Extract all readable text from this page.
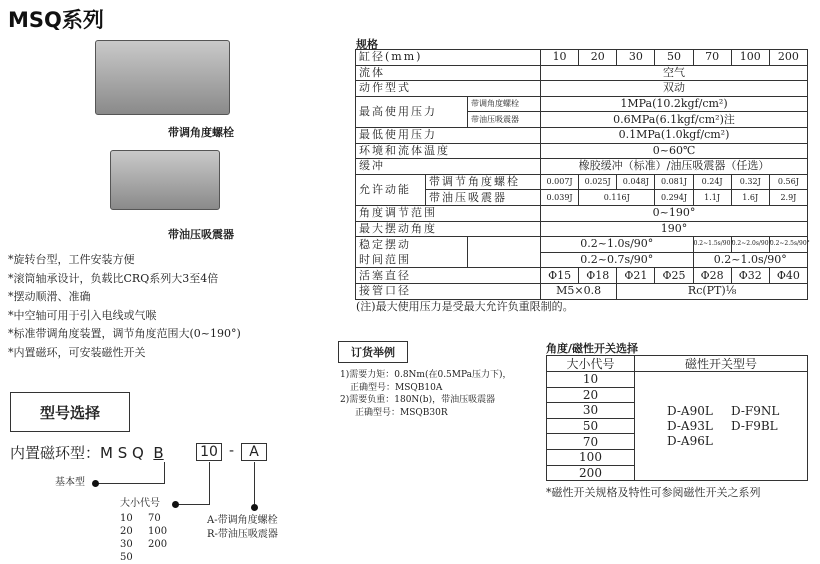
MSQ系列
带调角度螺栓
带油压吸震器
*旋转台型，工件安装方便
*滚筒轴承设计，负载比CRQ系列大3至4倍
*摆动顺滑、准确
*中空轴可用于引入电线或气喉
*标准带调角度装置，调节角度范围大(0~190°)
*内置磁环，可安装磁性开关
型号选择
内置磁环型：M S Q B	10 -	A
基本型
大小代号
10	70
20	100
30	200
50
A-带调角度螺栓
R-带油压吸震器
规格
缸径(mm)			10	20	30	50	70	100	200
流体			空气						
动作型式			双动						
最高使用压力		带调角度螺栓	1MPa(10.2kgf/cm²)						
		带油压吸震器	0.6MPa(6.1kgf/cm²)注						
最低使用压力			0.1MPa(1.0kgf/cm²)						
环境和流体温度			0~60℃						
缓冲			橡胶缓冲（标准）/油压吸震器（任选）						
允许动能	带调节角度螺栓		0.007J	0.025J	0.048J	0.081J	0.24J	0.32J	0.56J
	带油压吸震器		0.039J	0.116J		0.294J	1.1J	1.6J	2.9J
角度调节范围			0~190°						
最大摆动角度			190°						
稳定摆动			0.2~1.0s/90°				0.2~1.5s/90°	0.2~2.0s/90°	0.2~2.5s/90°
时间范围			0.2~0.7s/90°				0.2~1.0s/90°		
活塞直径			Φ15	Φ18	Φ21	Φ25	Φ28	Φ32	Φ40
接管口径			M5×0.8		Rc(PT)⅛				
(注)最大使用压力是受最大允许负重限制的。
订货举例
1)需要力矩：0.8Nm(在0.5MPa压力下)，
正确型号：MSQB10A
2)需要负重：180N(b)，带油压吸震器
正确型号：MSQB30R
角度/磁性开关选择
大小代号	磁性开关型号
10	D-A90L D-F9NL
D-A93L D-F9BL
D-A96L

20	
30	
50	
70	
100	
200	
*磁性开关规格及特性可参阅磁性开关之系列
